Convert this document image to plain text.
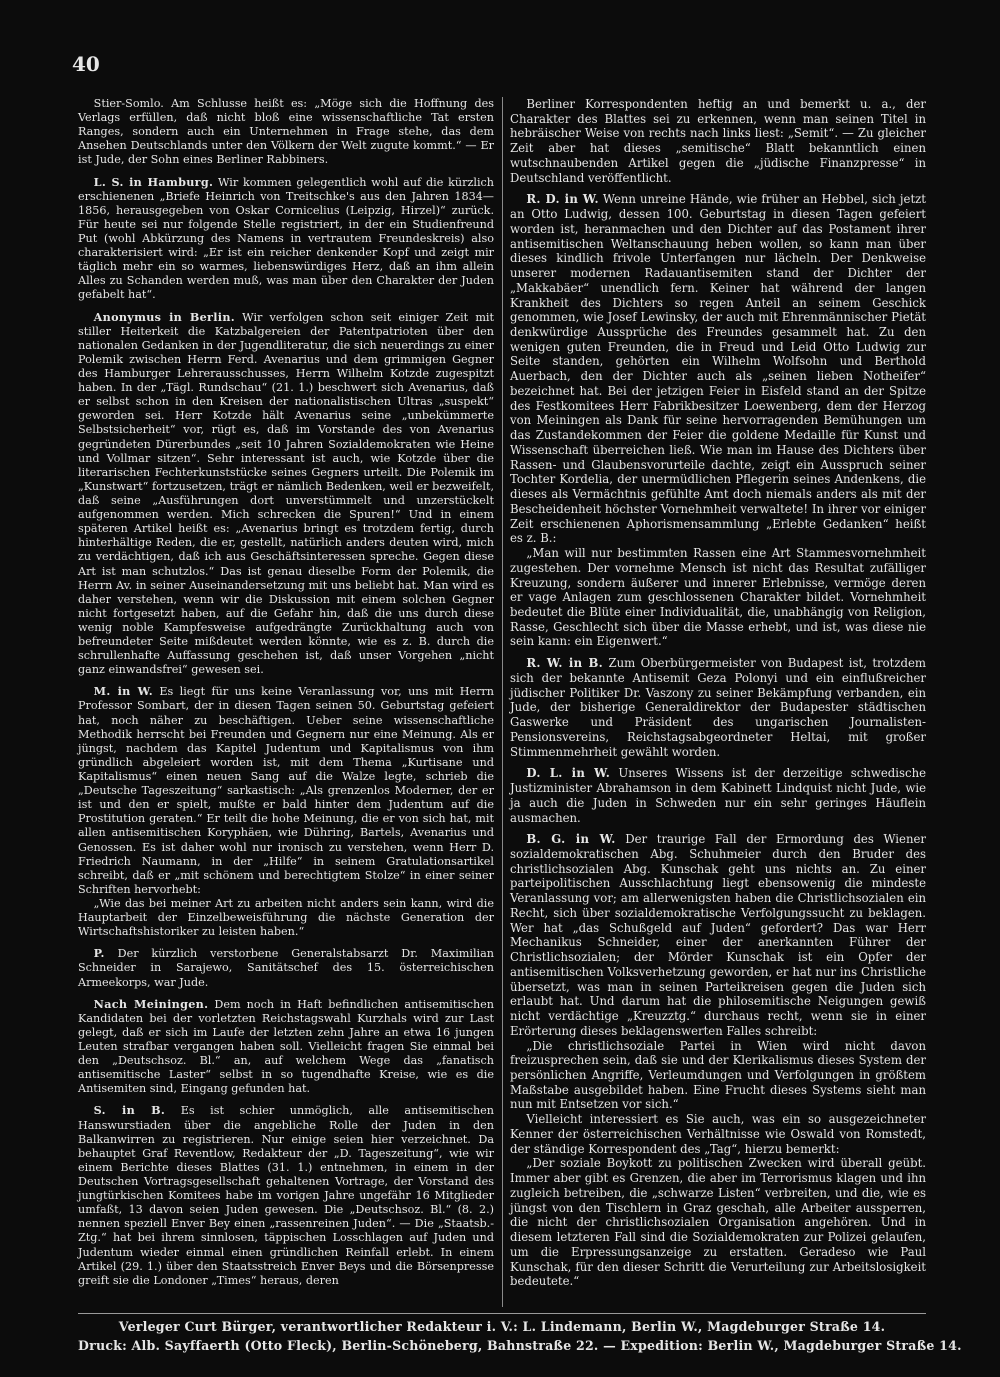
40

Stier-Somlo. Am Schlusse heißt es: „Möge sich die Hoffnung des Verlags erfüllen, daß nicht bloß eine wissenschaftliche Tat ersten Ranges, sondern auch ein Unternehmen in Frage stehe, das dem Ansehen Deutschlands unter den Völkern der Welt zugute kommt.“ — Er ist Jude, der Sohn eines Berliner Rabbiners.

L. S. in Hamburg. Wir kommen gelegentlich wohl auf die kürzlich erschienenen „Briefe Heinrich von Treitschke's aus den Jahren 1834—1856, herausgegeben von Oskar Cornicelius (Leipzig, Hirzel)“ zurück. Für heute sei nur folgende Stelle registriert, in der ein Studienfreund Put (wohl Abkürzung des Namens in vertrautem Freundeskreis) also charakterisiert wird: „Er ist ein reicher denkender Kopf und zeigt mir täglich mehr ein so warmes, liebenswürdiges Herz, daß an ihm allein Alles zu Schanden werden muß, was man über den Charakter der Juden gefabelt hat“.

Anonymus in Berlin. Wir verfolgen schon seit einiger Zeit mit stiller Heiterkeit die Katzbalgereien der Patentpatrioten über den nationalen Gedanken in der Jugendliteratur, die sich neuerdings zu einer Polemik zwischen Herrn Ferd. Avenarius und dem grimmigen Gegner des Hamburger Lehrerausschusses, Herrn Wilhelm Kotzde zugespitzt haben. In der „Tägl. Rundschau“ (21. 1.) beschwert sich Avenarius, daß er selbst schon in den Kreisen der nationalistischen Ultras „suspekt“ geworden sei. Herr Kotzde hält Avenarius seine „unbekümmerte Selbstsicherheit“ vor, rügt es, daß im Vorstande des von Avenarius gegründeten Dürerbundes „seit 10 Jahren Sozialdemokraten wie Heine und Vollmar sitzen“. Sehr interessant ist auch, wie Kotzde über die literarischen Fechterkunststücke seines Gegners urteilt. Die Polemik im „Kunstwart“ fortzusetzen, trägt er nämlich Bedenken, weil er bezweifelt, daß seine „Ausführungen dort unverstümmelt und unzerstückelt aufgenommen werden. Mich schrecken die Spuren!“ Und in einem späteren Artikel heißt es: „Avenarius bringt es trotzdem fertig, durch hinterhältige Reden, die er, gestellt, natürlich anders deuten wird, mich zu verdächtigen, daß ich aus Geschäftsinteressen spreche. Gegen diese Art ist man schutzlos.“ Das ist genau dieselbe Form der Polemik, die Herrn Av. in seiner Auseinandersetzung mit uns beliebt hat. Man wird es daher verstehen, wenn wir die Diskussion mit einem solchen Gegner nicht fortgesetzt haben, auf die Gefahr hin, daß die uns durch diese wenig noble Kampfesweise aufgedrängte Zurückhaltung auch von befreundeter Seite mißdeutet werden könnte, wie es z. B. durch die schrullenhafte Auffassung geschehen ist, daß unser Vorgehen „nicht ganz einwandsfrei“ gewesen sei.

M. in W. Es liegt für uns keine Veranlassung vor, uns mit Herrn Professor Sombart, der in diesen Tagen seinen 50. Geburtstag gefeiert hat, noch näher zu beschäftigen. Ueber seine wissenschaftliche Methodik herrscht bei Freunden und Gegnern nur eine Meinung. Als er jüngst, nachdem das Kapitel Judentum und Kapitalismus von ihm gründlich abgeleiert worden ist, mit dem Thema „Kurtisane und Kapitalismus“ einen neuen Sang auf die Walze legte, schrieb die „Deutsche Tageszeitung“ sarkastisch: „Als grenzenlos Moderner, der er ist und den er spielt, mußte er bald hinter dem Judentum auf die Prostitution geraten.“ Er teilt die hohe Meinung, die er von sich hat, mit allen antisemitischen Koryphäen, wie Dühring, Bartels, Avenarius und Genossen. Es ist daher wohl nur ironisch zu verstehen, wenn Herr D. Friedrich Naumann, in der „Hilfe“ in seinem Gratulationsartikel schreibt, daß er „mit schönem und berechtigtem Stolze“ in einer seiner Schriften hervorhebt:

„Wie das bei meiner Art zu arbeiten nicht anders sein kann, wird die Hauptarbeit der Einzelbeweisführung die nächste Generation der Wirtschaftshistoriker zu leisten haben.“

P. Der kürzlich verstorbene Generalstabsarzt Dr. Maximilian Schneider in Sarajewo, Sanitätschef des 15. österreichischen Armeekorps, war Jude.

Nach Meiningen. Dem noch in Haft befindlichen antisemitischen Kandidaten bei der vorletzten Reichstagswahl Kurzhals wird zur Last gelegt, daß er sich im Laufe der letzten zehn Jahre an etwa 16 jungen Leuten strafbar vergangen haben soll. Vielleicht fragen Sie einmal bei den „Deutschsoz. Bl.“ an, auf welchem Wege das „fanatisch antisemitische Laster“ selbst in so tugendhafte Kreise, wie es die Antisemiten sind, Eingang gefunden hat.

S. in B. Es ist schier unmöglich, alle antisemitischen Hanswurstiaden über die angebliche Rolle der Juden in den Balkanwirren zu registrieren. Nur einige seien hier verzeichnet. Da behauptet Graf Reventlow, Redakteur der „D. Tageszeitung“, wie wir einem Berichte dieses Blattes (31. 1.) entnehmen, in einem in der Deutschen Vortragsgesellschaft gehaltenen Vortrage, der Vorstand des jungtürkischen Komitees habe im vorigen Jahre ungefähr 16 Mitglieder umfaßt, 13 davon seien Juden gewesen. Die „Deutschsoz. Bl.“ (8. 2.) nennen speziell Enver Bey einen „rassenreinen Juden“. — Die „Staatsb.-Ztg.“ hat bei ihrem sinnlosen, täppischen Losschlagen auf Juden und Judentum wieder einmal einen gründlichen Reinfall erlebt. In einem Artikel (29. 1.) über den Staatsstreich Enver Beys und die Börsenpresse greift sie die Londoner „Times“ heraus, deren

Berliner Korrespondenten heftig an und bemerkt u. a., der Charakter des Blattes sei zu erkennen, wenn man seinen Titel in hebräischer Weise von rechts nach links liest: „Semit“. — Zu gleicher Zeit aber hat dieses „semitische“ Blatt bekanntlich einen wutschnaubenden Artikel gegen die „jüdische Finanzpresse“ in Deutschland veröffentlicht.

R. D. in W. Wenn unreine Hände, wie früher an Hebbel, sich jetzt an Otto Ludwig, dessen 100. Geburtstag in diesen Tagen gefeiert worden ist, heranmachen und den Dichter auf das Postament ihrer antisemitischen Weltanschauung heben wollen, so kann man über dieses kindlich frivole Unterfangen nur lächeln. Der Denkweise unserer modernen Radauantisemiten stand der Dichter der „Makkabäer“ unendlich fern. Keiner hat während der langen Krankheit des Dichters so regen Anteil an seinem Geschick genommen, wie Josef Lewinsky, der auch mit Ehrenmännischer Pietät denkwürdige Aussprüche des Freundes gesammelt hat. Zu den wenigen guten Freunden, die in Freud und Leid Otto Ludwig zur Seite standen, gehörten ein Wilhelm Wolfsohn und Berthold Auerbach, den der Dichter auch als „seinen lieben Notheifer“ bezeichnet hat. Bei der jetzigen Feier in Eisfeld stand an der Spitze des Festkomitees Herr Fabrikbesitzer Loewenberg, dem der Herzog von Meiningen als Dank für seine hervorragenden Bemühungen um das Zustandekommen der Feier die goldene Medaille für Kunst und Wissenschaft überreichen ließ. Wie man im Hause des Dichters über Rassen- und Glaubensvorurteile dachte, zeigt ein Ausspruch seiner Tochter Kordelia, der unermüdlichen Pflegerin seines Andenkens, die dieses als Vermächtnis gefühlte Amt doch niemals anders als mit der Bescheidenheit höchster Vornehmheit verwaltete! In ihrer vor einiger Zeit erschienenen Aphorismensammlung „Erlebte Gedanken“ heißt es z. B.:

„Man will nur bestimmten Rassen eine Art Stammesvornehmheit zugestehen. Der vornehme Mensch ist nicht das Resultat zufälliger Kreuzung, sondern äußerer und innerer Erlebnisse, vermöge deren er vage Anlagen zum geschlossenen Charakter bildet. Vornehmheit bedeutet die Blüte einer Individualität, die, unabhängig von Religion, Rasse, Geschlecht sich über die Masse erhebt, und ist, was diese nie sein kann: ein Eigenwert.“

R. W. in B. Zum Oberbürgermeister von Budapest ist, trotzdem sich der bekannte Antisemit Geza Polonyi und ein einflußreicher jüdischer Politiker Dr. Vaszony zu seiner Bekämpfung verbanden, ein Jude, der bisherige Generaldirektor der Budapester städtischen Gaswerke und Präsident des ungarischen Journalisten-Pensionsvereins, Reichstagsabgeordneter Heltai, mit großer Stimmenmehrheit gewählt worden.

D. L. in W. Unseres Wissens ist der derzeitige schwedische Justizminister Abrahamson in dem Kabinett Lindquist nicht Jude, wie ja auch die Juden in Schweden nur ein sehr geringes Häuflein ausmachen.

B. G. in W. Der traurige Fall der Ermordung des Wiener sozialdemokratischen Abg. Schuhmeier durch den Bruder des christlichsozialen Abg. Kunschak geht uns nichts an. Zu einer parteipolitischen Ausschlachtung liegt ebensowenig die mindeste Veranlassung vor; am allerwenigsten haben die Christlichsozialen ein Recht, sich über sozialdemokratische Verfolgungssucht zu beklagen. Wer hat „das Schußgeld auf Juden“ gefordert? Das war Herr Mechanikus Schneider, einer der anerkannten Führer der Christlichsozialen; der Mörder Kunschak ist ein Opfer der antisemitischen Volksverhetzung geworden, er hat nur ins Christliche übersetzt, was man in seinen Parteikreisen gegen die Juden sich erlaubt hat. Und darum hat die philosemitische Neigungen gewiß nicht verdächtige „Kreuzztg.“ durchaus recht, wenn sie in einer Erörterung dieses beklagenswerten Falles schreibt:

„Die christlichsoziale Partei in Wien wird nicht davon freizusprechen sein, daß sie und der Klerikalismus dieses System der persönlichen Angriffe, Verleumdungen und Verfolgungen in größtem Maßstabe ausgebildet haben. Eine Frucht dieses Systems sieht man nun mit Entsetzen vor sich.“

Vielleicht interessiert es Sie auch, was ein so ausgezeichneter Kenner der österreichischen Verhältnisse wie Oswald von Romstedt, der ständige Korrespondent des „Tag“, hierzu bemerkt:

„Der soziale Boykott zu politischen Zwecken wird überall geübt. Immer aber gibt es Grenzen, die aber im Terrorismus klagen und ihn zugleich betreiben, die „schwarze Listen“ verbreiten, und die, wie es jüngst von den Tischlern in Graz geschah, alle Arbeiter aussperren, die nicht der christlichsozialen Organisation angehören. Und in diesem letzteren Fall sind die Sozialdemokraten zur Polizei gelaufen, um die Erpressungsanzeige zu erstatten. Geradeso wie Paul Kunschak, für den dieser Schritt die Verurteilung zur Arbeitslosigkeit bedeutete.“

Verleger Curt Bürger, verantwortlicher Redakteur i. V.: L. Lindemann, Berlin W., Magdeburger Straße 14.
Druck: Alb. Sayffaerth (Otto Fleck), Berlin-Schöneberg, Bahnstraße 22. — Expedition: Berlin W., Magdeburger Straße 14.
